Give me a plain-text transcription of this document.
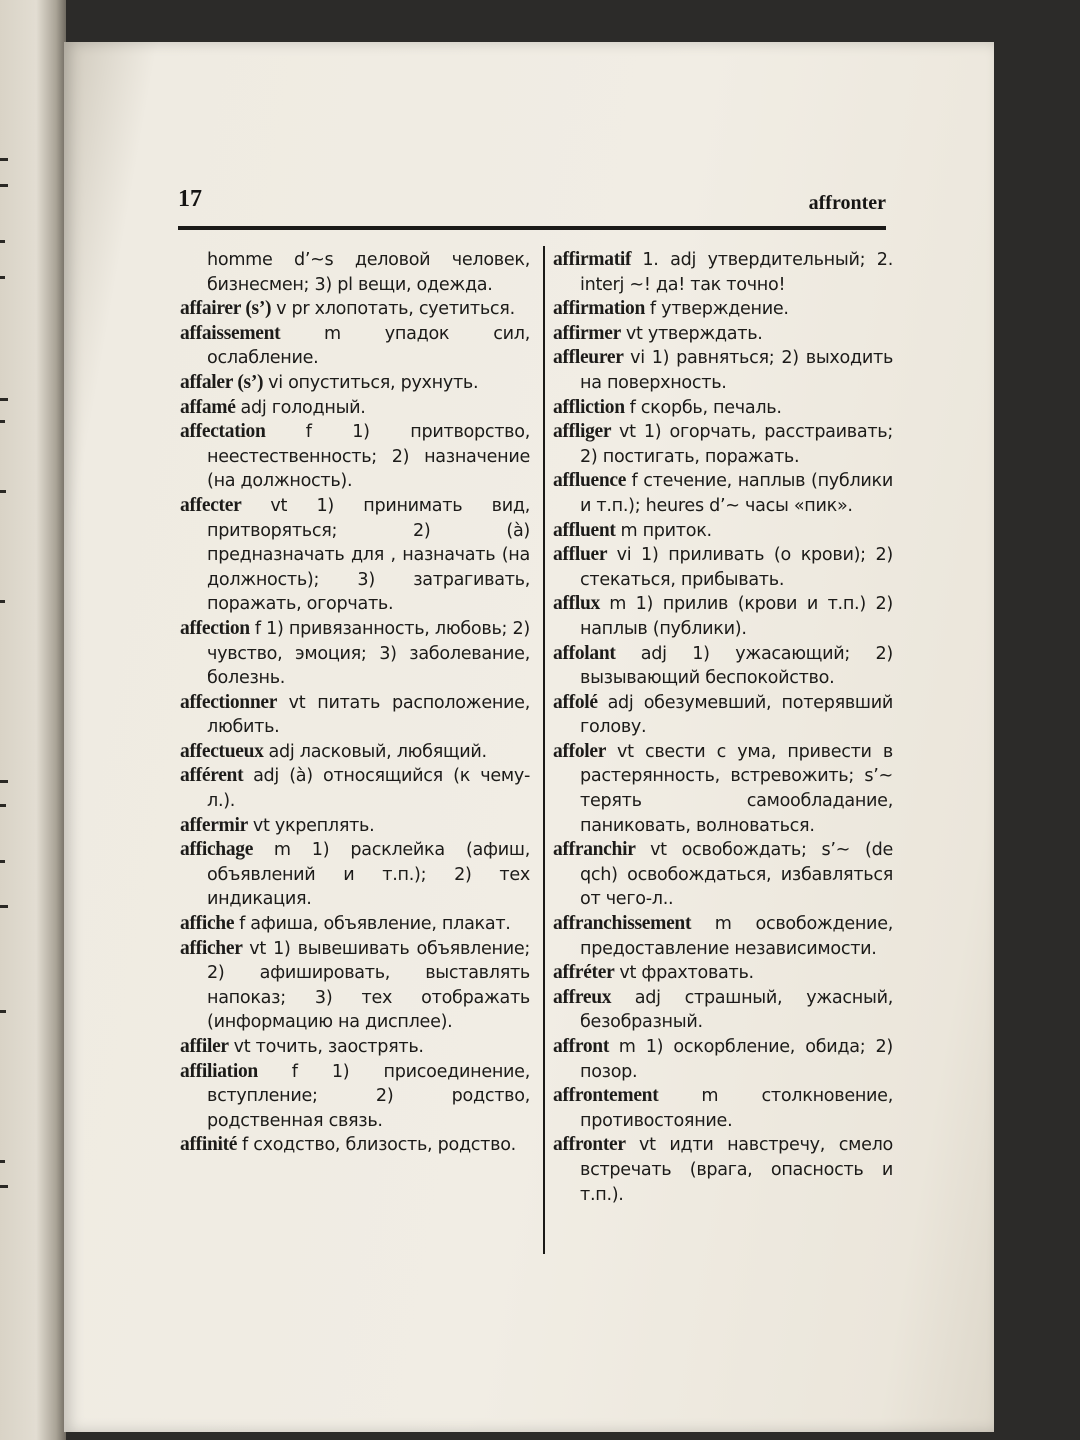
17	affronter

homme d’~s деловой человек, бизнесмен; 3) pl вещи, одежда.

affairer (s’) v pr хлопотать, суетиться.

affaissement m упадок сил, ослабление.

affaler (s’) vi опуститься, рухнуть.

affamé adj голодный.

affectation f 1) притворство, неестественность; 2) назначение (на должность).

affecter vt 1) принимать вид, притворяться; 2) (à) предназначать для , назначать (на должность); 3) затрагивать, поражать, огорчать.

affection f 1) привязанность, любовь; 2) чувство, эмоция; 3) заболевание, болезнь.

affectionner vt питать расположение, любить.

affectueux adj ласковый, любящий.

afférent adj (à) относящийся (к чему-л.).

affermir vt укреплять.

affichage m 1) расклейка (афиш, объявлений и т.п.); 2) тех индикация.

affiche f афиша, объявление, плакат.

afficher vt 1) вывешивать объявление; 2) афишировать, выставлять напоказ; 3) тех отображать (информацию на дисплее).

affiler vt точить, заострять.

affiliation f 1) присоединение, вступление; 2) родство, родственная связь.

affinité f сходство, близость, родство.

affirmatif 1. adj утвердительный; 2. interj ~! да! так точно!

affirmation f утверждение.

affirmer vt утверждать.

affleurer vi 1) равняться; 2) выходить на поверхность.

affliction f скорбь, печаль.

affliger vt 1) огорчать, расстраивать; 2) постигать, поражать.

affluence f стечение, наплыв (публики и т.п.); heures d’~ часы «пик».

affluent m приток.

affluer vi 1) приливать (о крови); 2) стекаться, прибывать.

afflux m 1) прилив (крови и т.п.) 2) наплыв (публики).

affolant adj 1) ужасающий; 2) вызывающий беспокойство.

affolé adj обезумевший, потерявший голову.

affoler vt свести с ума, привести в растерянность, встревожить; s’~ терять самообладание, паниковать, волноваться.

affranchir vt освобождать; s’~ (de qch) освобождаться, избавляться от чего-л..

affranchissement m освобождение, предоставление независимости.

affréter vt фрахтовать.

affreux adj страшный, ужасный, безобразный.

affront m 1) оскорбление, обида; 2) позор.

affrontement m столкновение, противостояние.

affronter vt идти навстречу, смело встречать (врага, опасность и т.п.).
